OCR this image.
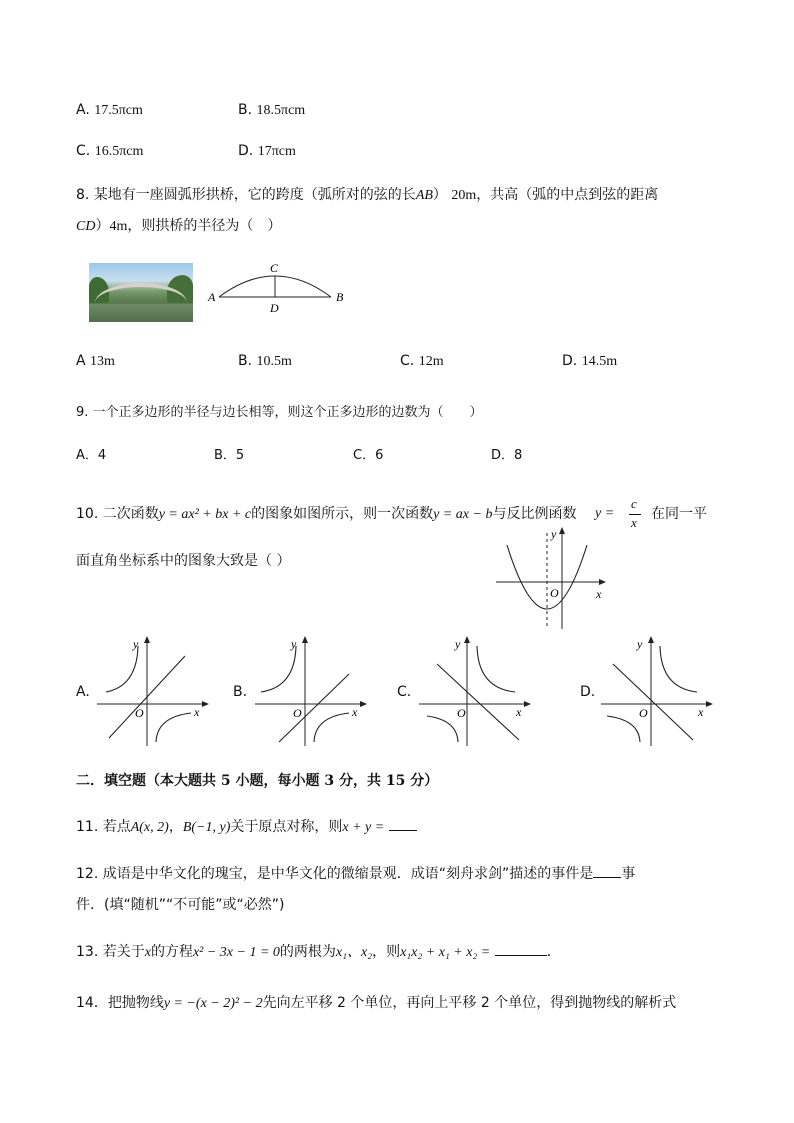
A. 17.5πcm	B. 18.5πcm
C. 16.5πcm	D. 17πcm
8. 某地有一座圆弧形拱桥，它的跨度（弧所对的弦的长AB） 20m，共高（弧的中点到弦的距离
CD）4m，则拱桥的半径为（　）
A	B
C
D
A 13m	B. 10.5m	C. 12m	D. 14.5m
9. 一个正多边形的半径与边长相等，则这个正多边形的边数为（　　）
A．4	B．5	C．6	D．8
10. 二次函数y = ax² + bx + c的图象如图所示，则一次函数y = ax − b与反比例函数 y =
c
x
在同一平
面直角坐标系中的图象大致是（ ）
y
x
O
A.
y
x
O
B.
y
x
O
C.
y
x
O
D.
y
x
O
二．填空题（本大题共 5 小题，每小题 3 分，共 15 分）
11. 若点A(x, 2)，B(−1, y)关于原点对称，则x + y =
12. 成语是中华文化的瑰宝，是中华文化的微缩景观．成语“刻舟求剑”描述的事件是 事
件．(填“随机”“不可能”或“必然”)
13. 若关于x的方程x² − 3x − 1 = 0的两根为x₁、x₂，则x₁x₂ + x₁ + x₂ =	．
14．把抛物线y = −(x − 2)² − 2先向左平移 2 个单位，再向上平移 2 个单位，得到抛物线的解析式
